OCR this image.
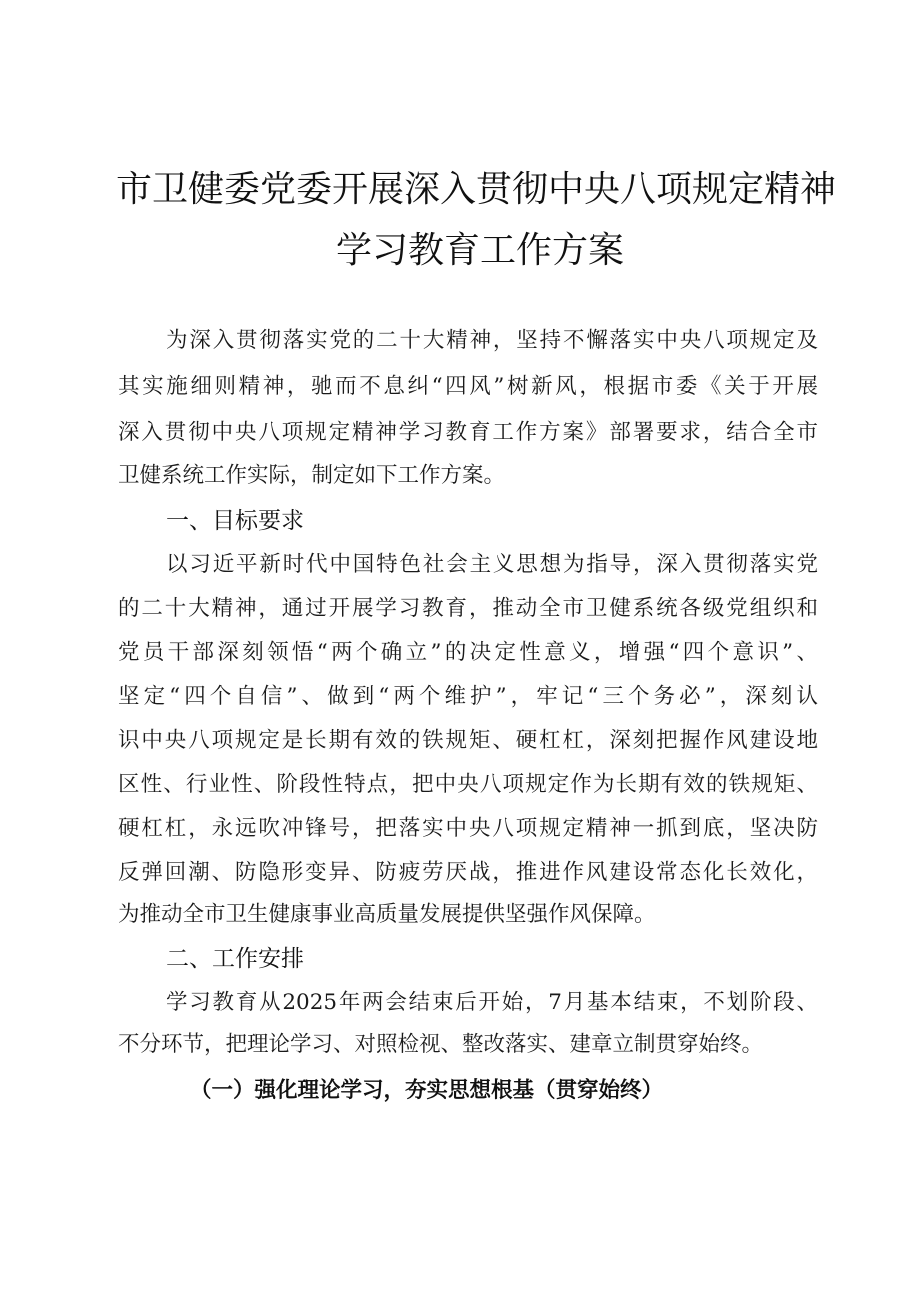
市卫健委党委开展深入贯彻中央八项规定精神
学习教育工作方案
为深入贯彻落实党的二十大精神，坚持不懈落实中央八项规定及
其实施细则精神，驰而不息纠“四风”树新风，根据市委《关于开展
深入贯彻中央八项规定精神学习教育工作方案》部署要求，结合全市
卫健系统工作实际，制定如下工作方案。
一、目标要求
以习近平新时代中国特色社会主义思想为指导，深入贯彻落实党
的二十大精神，通过开展学习教育，推动全市卫健系统各级党组织和
党员干部深刻领悟“两个确立”的决定性意义，增强“四个意识”、
坚定“四个自信”、做到“两个维护”，牢记“三个务必”，深刻认
识中央八项规定是长期有效的铁规矩、硬杠杠，深刻把握作风建设地
区性、行业性、阶段性特点，把中央八项规定作为长期有效的铁规矩、
硬杠杠，永远吹冲锋号，把落实中央八项规定精神一抓到底，坚决防
反弹回潮、防隐形变异、防疲劳厌战，推进作风建设常态化长效化，
为推动全市卫生健康事业高质量发展提供坚强作风保障。
二、工作安排
学习教育从2025年两会结束后开始，7月基本结束，不划阶段、
不分环节，把理论学习、对照检视、整改落实、建章立制贯穿始终。
（一）强化理论学习，夯实思想根基（贯穿始终）
